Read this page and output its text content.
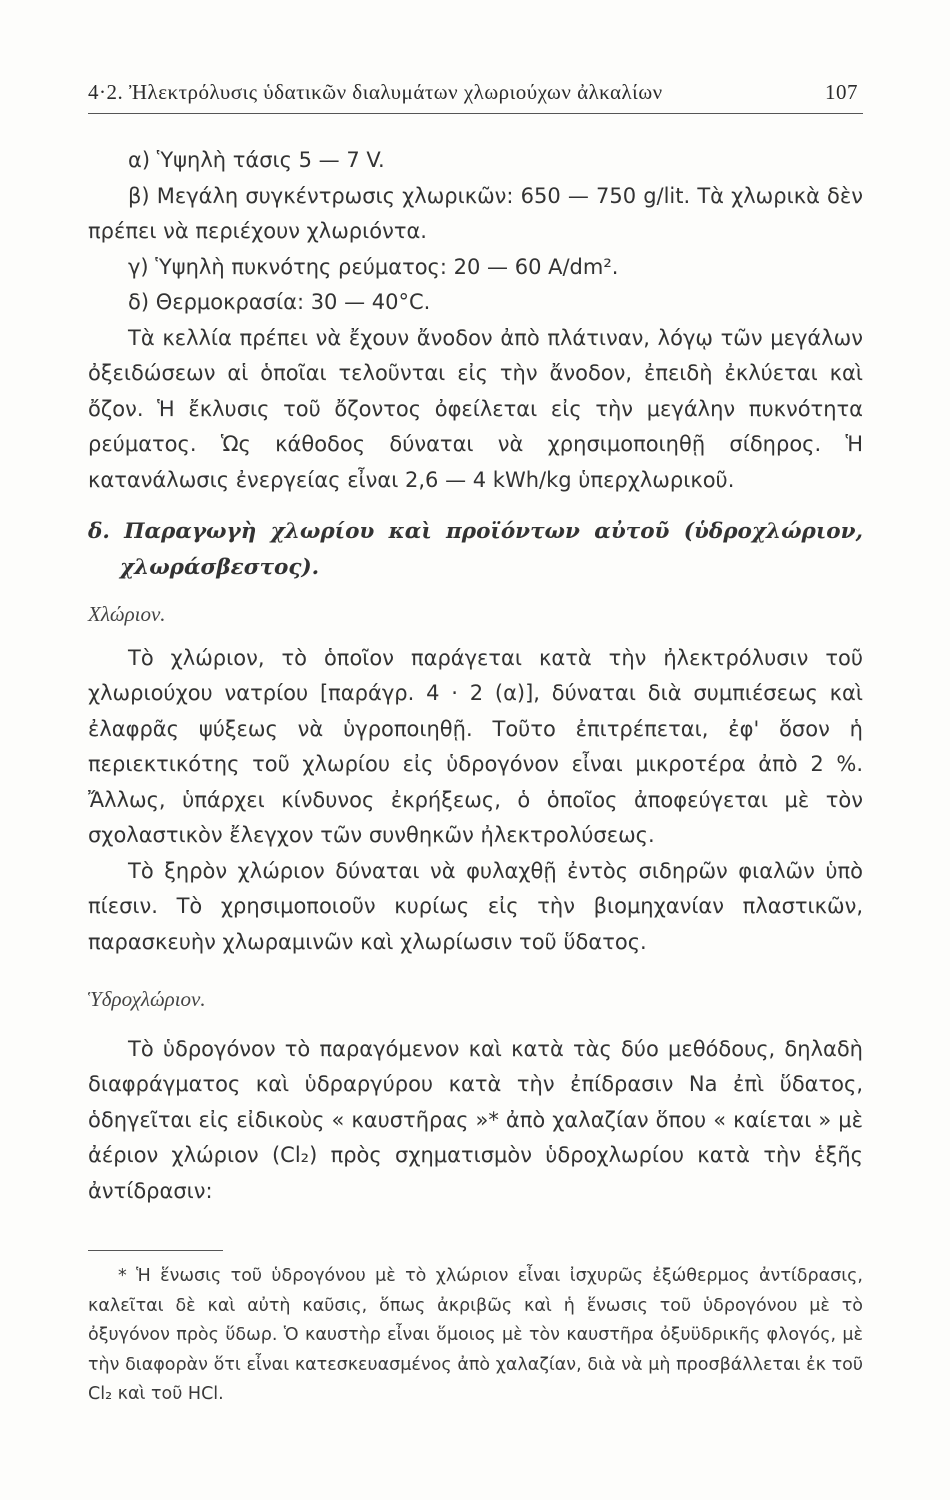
4·2. Ἠλεκτρόλυσις ὑδατικῶν διαλυμάτων χλωριούχων ἀλκαλίων	107

α) Ὑψηλὴ τάσις 5 — 7 V.

β) Μεγάλη συγκέντρωσις χλωρικῶν: 650 — 750 g/lit. Τὰ χλωρικὰ δὲν πρέπει νὰ περιέχουν χλωριόντα.

γ) Ὑψηλὴ πυκνότης ρεύματος: 20 — 60 A/dm².

δ) Θερμοκρασία: 30 — 40°C.

Τὰ κελλία πρέπει νὰ ἔχουν ἄνοδον ἀπὸ πλάτιναν, λόγῳ τῶν μεγάλων ὀξειδώσεων αἱ ὁποῖαι τελοῦνται εἰς τὴν ἄνοδον, ἐπειδὴ ἐκλύεται καὶ ὄζον. Ἡ ἔκλυσις τοῦ ὄζοντος ὀφείλεται εἰς τὴν μεγάλην πυκνότητα ρεύματος. Ὡς κάθοδος δύναται νὰ χρησιμοποιηθῇ σίδηρος. Ἡ κατανάλωσις ἐνεργείας εἶναι 2,6 — 4 kWh/kg ὑπερχλωρικοῦ.

δ. Παραγωγὴ χλωρίου καὶ προϊόντων αὐτοῦ (ὑδροχλώριον, χλωράσβεστος).

Χλώριον.

Τὸ χλώριον, τὸ ὁποῖον παράγεται κατὰ τὴν ἠλεκτρόλυσιν τοῦ χλωριούχου νατρίου [παράγρ. 4 · 2 (α)], δύναται διὰ συμπιέσεως καὶ ἐλαφρᾶς ψύξεως νὰ ὑγροποιηθῇ. Τοῦτο ἐπιτρέπεται, ἐφ' ὅσον ἡ περιεκτικότης τοῦ χλωρίου εἰς ὑδρογόνον εἶναι μικροτέρα ἀπὸ 2 %. Ἄλλως, ὑπάρχει κίνδυνος ἐκρήξεως, ὁ ὁποῖος ἀποφεύγεται μὲ τὸν σχολαστικὸν ἔλεγχον τῶν συνθηκῶν ἠλεκτρολύσεως.

Τὸ ξηρὸν χλώριον δύναται νὰ φυλαχθῇ ἐντὸς σιδηρῶν φιαλῶν ὑπὸ πίεσιν. Τὸ χρησιμοποιοῦν κυρίως εἰς τὴν βιομηχανίαν πλαστικῶν, παρασκευὴν χλωραμινῶν καὶ χλωρίωσιν τοῦ ὕδατος.

Ὑδροχλώριον.

Τὸ ὑδρογόνον τὸ παραγόμενον καὶ κατὰ τὰς δύο μεθόδους, δηλαδὴ διαφράγματος καὶ ὑδραργύρου κατὰ τὴν ἐπίδρασιν Na ἐπὶ ὕδατος, ὁδηγεῖται εἰς εἰδικοὺς « καυστῆρας »* ἀπὸ χαλαζίαν ὅπου « καίεται » μὲ ἀέριον χλώριον (Cl₂) πρὸς σχηματισμὸν ὑδροχλωρίου κατὰ τὴν ἑξῆς ἀντίδρασιν:

* Ἡ ἕνωσις τοῦ ὑδρογόνου μὲ τὸ χλώριον εἶναι ἰσχυρῶς ἐξώθερμος ἀντίδρασις, καλεῖται δὲ καὶ αὐτὴ καῦσις, ὅπως ἀκριβῶς καὶ ἡ ἕνωσις τοῦ ὑδρογόνου μὲ τὸ ὀξυγόνον πρὸς ὕδωρ. Ὁ καυστὴρ εἶναι ὅμοιος μὲ τὸν καυστῆρα ὀξυϋδρικῆς φλογός, μὲ τὴν διαφορὰν ὅτι εἶναι κατεσκευασμένος ἀπὸ χαλαζίαν, διὰ νὰ μὴ προσβάλλεται ἐκ τοῦ Cl₂ καὶ τοῦ HCl.
